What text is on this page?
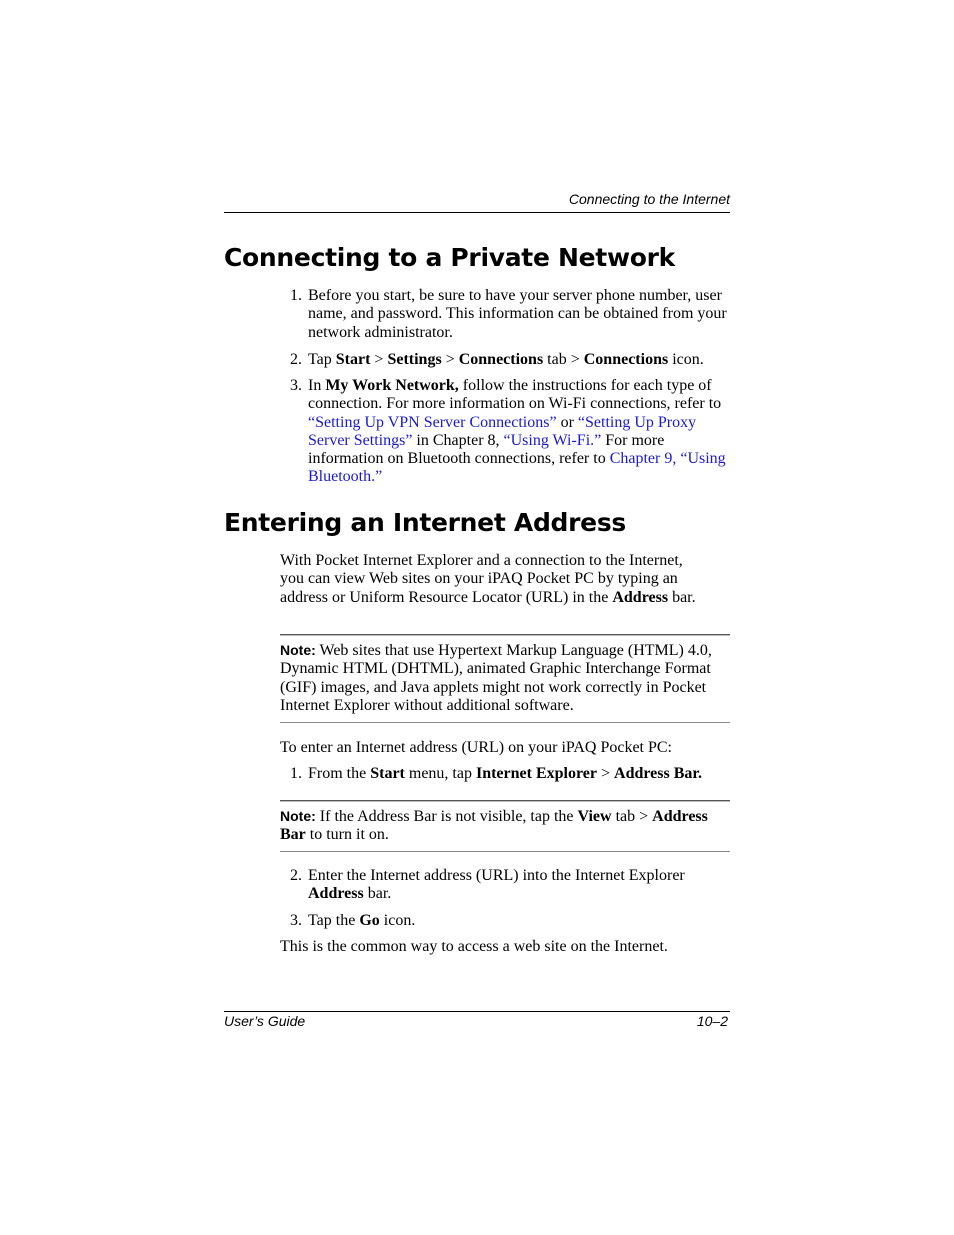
Connecting to the Internet
Connecting to a Private Network
1. Before you start, be sure to have your server phone number, user name, and password. This information can be obtained from your network administrator.
2. Tap Start > Settings > Connections tab > Connections icon.
3. In My Work Network, follow the instructions for each type of connection. For more information on Wi-Fi connections, refer to “Setting Up VPN Server Connections” or “Setting Up Proxy Server Settings” in Chapter 8, “Using Wi-Fi.” For more information on Bluetooth connections, refer to Chapter 9, “Using Bluetooth.”
Entering an Internet Address
With Pocket Internet Explorer and a connection to the Internet, you can view Web sites on your iPAQ Pocket PC by typing an address or Uniform Resource Locator (URL) in the Address bar.
Note: Web sites that use Hypertext Markup Language (HTML) 4.0, Dynamic HTML (DHTML), animated Graphic Interchange Format (GIF) images, and Java applets might not work correctly in Pocket Internet Explorer without additional software.
To enter an Internet address (URL) on your iPAQ Pocket PC:
1. From the Start menu, tap Internet Explorer > Address Bar.
Note: If the Address Bar is not visible, tap the View tab > Address Bar to turn it on.
2. Enter the Internet address (URL) into the Internet Explorer Address bar.
3. Tap the Go icon.
This is the common way to access a web site on the Internet.
User’s Guide	10–2
